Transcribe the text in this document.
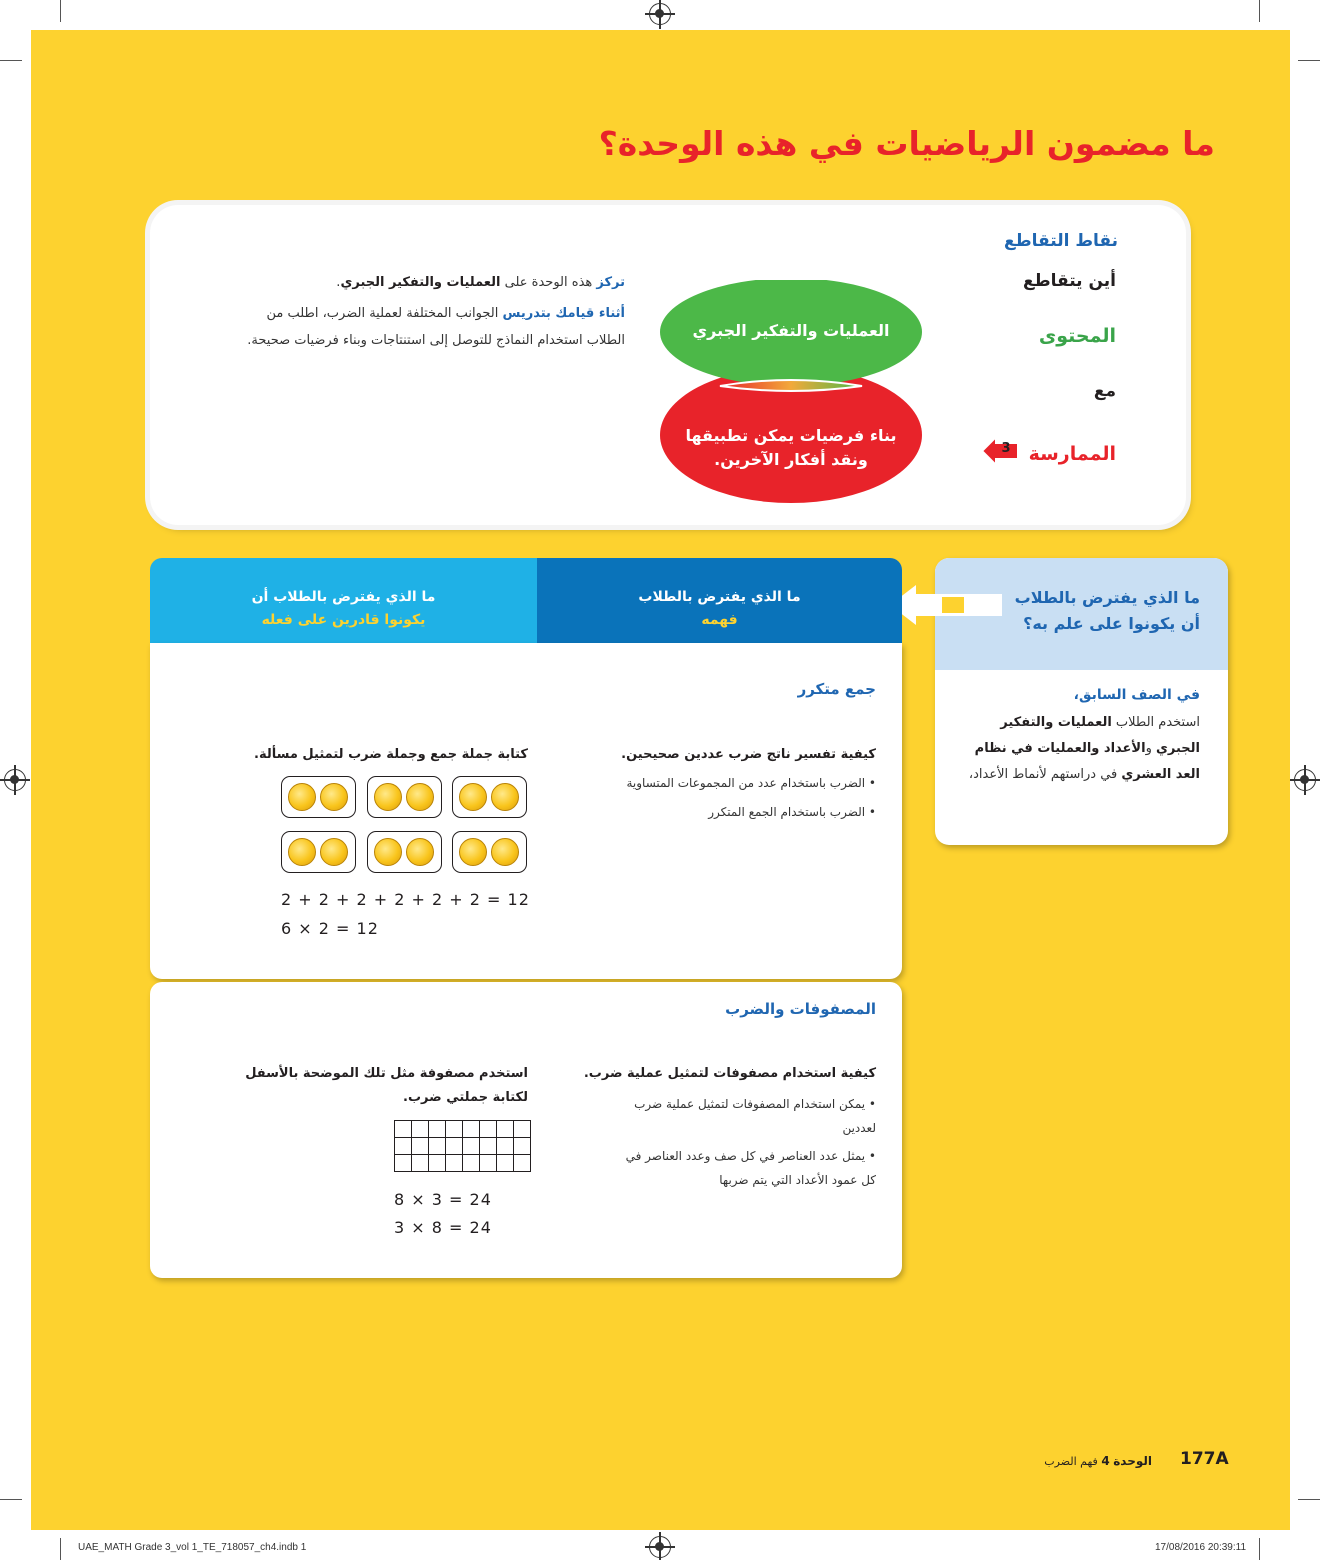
ما مضمون الرياضيات في هذه الوحدة؟
نقاط التقاطع
أين يتقاطع
المحتوى
مع
الممارسة
3
العمليات والتفكير الجبري
بناء فرضيات يمكن تطبيقها ونقد أفكار الآخرين.

تركز هذه الوحدة على العمليات والتفكير الجبري.

أثناء قيامك بتدريس الجوانب المختلفة لعملية الضرب، اطلب من الطلاب استخدام النماذج للتوصل إلى استنتاجات وبناء فرضيات صحيحة.

ما الذي يفترض بالطلاب
أن يكونوا على علم به؟
في الصف السابق،
استخدم الطلاب العمليات والتفكير الجبري والأعداد والعمليات في نظام العد العشري في دراستهم لأنماط الأعداد،
ما الذي يفترض بالطلاب أن
يكونوا قادرين على فعله
ما الذي يفترض بالطلاب
فهمه
جمع متكرر
كيفية تفسير ناتج ضرب عددين صحيحين.
• الضرب باستخدام عدد من المجموعات المتساوية
• الضرب باستخدام الجمع المتكرر
كتابة جملة جمع وجملة ضرب لتمثيل مسألة.
2 + 2 + 2 + 2 + 2 + 2 = 12
6 × 2 = 12
المصفوفات والضرب
كيفية استخدام مصفوفات لتمثيل عملية ضرب.
• يمكن استخدام المصفوفات لتمثيل عملية ضرب
لعددين
• يمثل عدد العناصر في كل صف وعدد العناصر في
كل عمود الأعداد التي يتم ضربها
استخدم مصفوفة مثل تلك الموضحة بالأسفل
لكتابة جملتي ضرب.

8 × 3 = 24
3 × 8 = 24
الوحدة 4 فهم الضرب	177A
UAE_MATH Grade 3_vol 1_TE_718057_ch4.indb 1	17/08/2016 20:39:11
